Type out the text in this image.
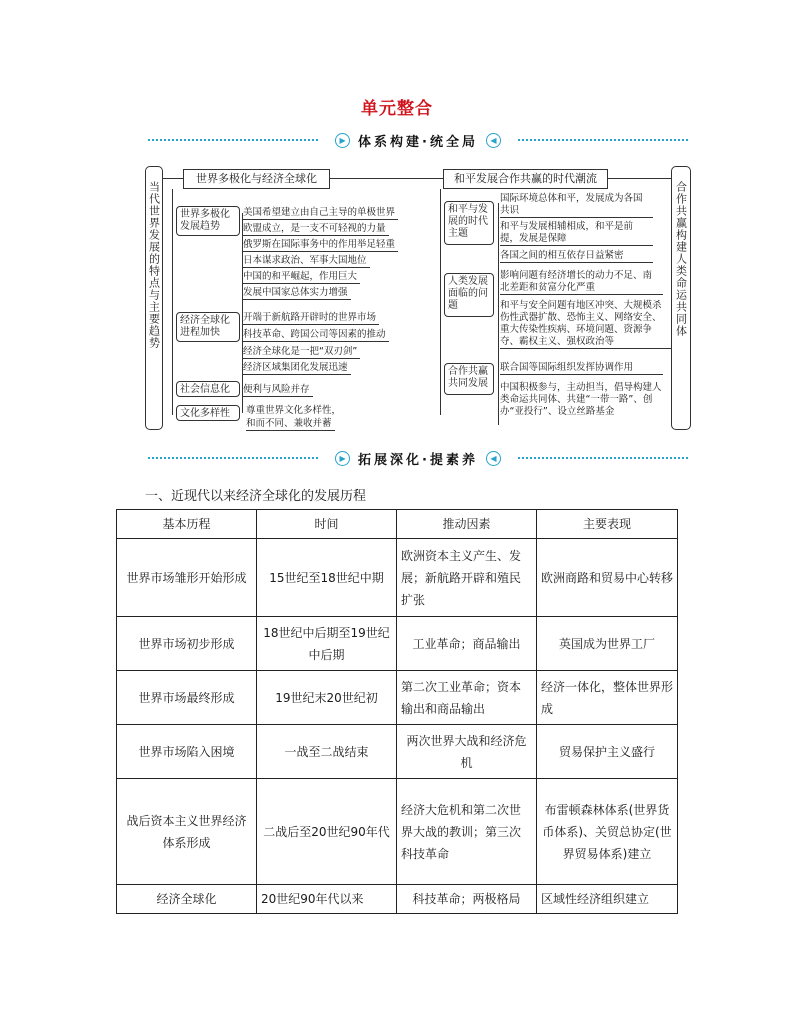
单元整合
▶ 体系构建·统全局	◀
当代世界发展的特点与主要趋势	合作共赢构建人类命运共同体
世界多极化与经济全球化	和平发展合作共赢的时代潮流
世界多极化发展趋势
美国希望建立由自己主导的单极世界
欧盟成立，是一支不可轻视的力量
俄罗斯在国际事务中的作用举足轻重
日本谋求政治、军事大国地位
中国的和平崛起，作用巨大
发展中国家总体实力增强
经济全球化进程加快
开端于新航路开辟时的世界市场
科技革命、跨国公司等因素的推动
经济全球化是一把“双刃剑”
经济区域集团化发展迅速
社会信息化	便利与风险并存
文化多样性	尊重世界文化多样性，
和而不同、兼收并蓄
和平与发展的时代主题
国际环境总体和平，发展成为各国共识
和平与发展相辅相成，和平是前提，发展是保障
各国之间的相互依存日益紧密
人类发展面临的问题
影响问题有经济增长的动力不足、南北差距和贫富分化严重
和平与安全问题有地区冲突、大规模杀伤性武器扩散、恐怖主义、网络安全、重大传染性疾病、环境问题、资源争夺、霸权主义、强权政治等
合作共赢共同发展
联合国等国际组织发挥协调作用
中国积极参与，主动担当，倡导构建人类命运共同体、共建“一带一路”、创办“亚投行”、设立丝路基金
▶ 拓展深化·提素养	◀
一、近现代以来经济全球化的发展历程
基本历程	时间	推动因素	主要表现
世界市场雏形开始形成	15世纪至18世纪中期	欧洲资本主义产生、发展；新航路开辟和殖民扩张	欧洲商路和贸易中心转移
世界市场初步形成	18世纪中后期至19世纪中后期	工业革命；商品输出	英国成为世界工厂
世界市场最终形成	19世纪末20世纪初	第二次工业革命；资本输出和商品输出	经济一体化，整体世界形成
世界市场陷入困境	一战至二战结束	两次世界大战和经济危机	贸易保护主义盛行
战后资本主义世界经济体系形成	二战后至20世纪90年代	经济大危机和第二次世界大战的教训；第三次科技革命	布雷顿森林体系(世界货币体系)、关贸总协定(世界贸易体系)建立
经济全球化	20世纪90年代以来	科技革命；两极格局	区域性经济组织建立
